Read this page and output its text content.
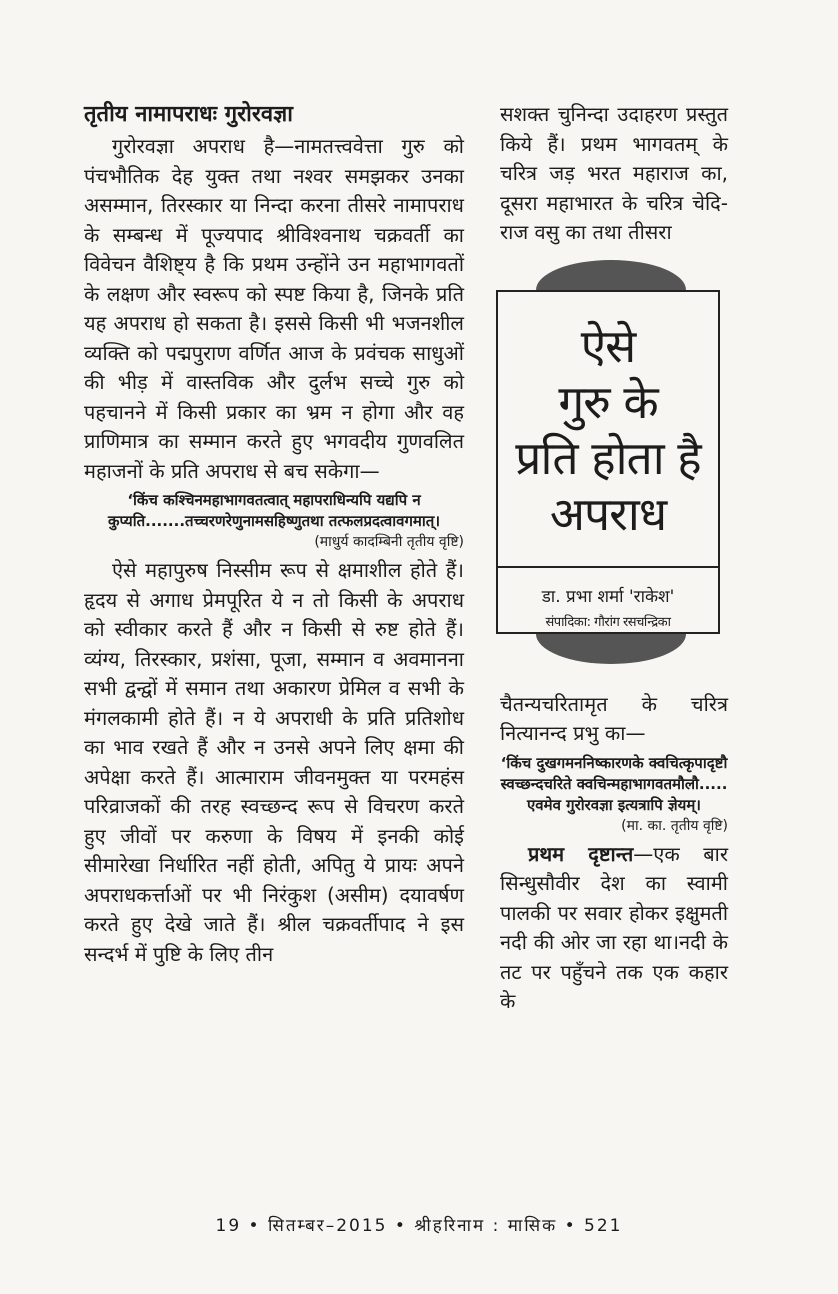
तृतीय नामापराधः गुरोरवज्ञा

गुरोरवज्ञा अपराध है—नामतत्त्ववेत्ता गुरु को पंचभौतिक देह युक्त तथा नश्वर समझकर उनका असम्मान, तिरस्कार या निन्दा करना तीसरे नामापराध के सम्बन्ध में पूज्यपाद श्रीविश्वनाथ चक्रवर्ती का विवेचन वैशिष्ट्य है कि प्रथम उन्होंने उन महाभागवतों के लक्षण और स्वरूप को स्पष्ट किया है, जिनके प्रति यह अपराध हो सकता है। इससे किसी भी भजनशील व्यक्ति को पद्मपुराण वर्णित आज के प्रवंचक साधुओं की भीड़ में वास्तविक और दुर्लभ सच्चे गुरु को पहचानने में किसी प्रकार का भ्रम न होगा और वह प्राणिमात्र का सम्मान करते हुए भगवदीय गुणवलित महाजनों के प्रति अपराध से बच सकेगा—

‘किंच कश्चिनमहाभागवतत्वात् महापराधिन्यपि यद्यपि न कुप्यति.......तच्चरणरेणुनामसहिष्णुतथा तत्फलप्रदत्वावगमात्।
(माधुर्य कादम्बिनी तृतीय वृष्टि)

ऐसे महापुरुष निस्सीम रूप से क्षमाशील होते हैं।हृदय से अगाध प्रेमपूरित ये न तो किसी के अपराध को स्वीकार करते हैं और न किसी से रुष्ट होते हैं।व्यंग्य, तिरस्कार, प्रशंसा, पूजा, सम्मान व अवमानना सभी द्वन्द्वों में समान तथा अकारण प्रेमिल व सभी के मंगलकामी होते हैं। न ये अपराधी के प्रति प्रतिशोध का भाव रखते हैं और न उनसे अपने लिए क्षमा की अपेक्षा करते हैं। आत्माराम जीवनमुक्त या परमहंस परिव्राजकों की तरह स्वच्छन्द रूप से विचरण करते हुए जीवों पर करुणा के विषय में इनकी कोई सीमारेखा निर्धारित नहीं होती, अपितु ये प्रायः अपने अपराधकर्त्ताओं पर भी निरंकुश (असीम) दयावर्षण करते हुए देखे जाते हैं। श्रील चक्रवर्तीपाद ने इस सन्दर्भ में पुष्टि के लिए तीन

सशक्त चुनिन्दा उदाहरण प्रस्तुत किये हैं। प्रथम भागवतम् के चरित्र जड़ भरत महाराज का, दूसरा महाभारत के चरित्र चेदि-राज वसु का तथा तीसरा

ऐसे
गुरु के
प्रति होता है
अपराध
डा. प्रभा शर्मा 'राकेश'
संपादिका: गौरांग रसचन्द्रिका

चैतन्यचरितामृत के चरित्र नित्यानन्द प्रभु का—

‘किंच दुखगमननिष्कारणके क्वचित्कृपादृष्टौ स्वच्छन्दचरिते क्वचिन्महाभागवतमौलौ..... एवमेव गुरोरवज्ञा इत्यत्रापि ज्ञेयम्।
(मा. का. तृतीय वृष्टि)

प्रथम दृष्टान्त—एक बार सिन्धुसौवीर देश का स्वामी पालकी पर सवार होकर इक्षुमती नदी की ओर जा रहा था।नदी के तट पर पहुँचने तक एक कहार के

19 • सितम्बर–2015 • श्रीहरिनाम : मासिक • 521
